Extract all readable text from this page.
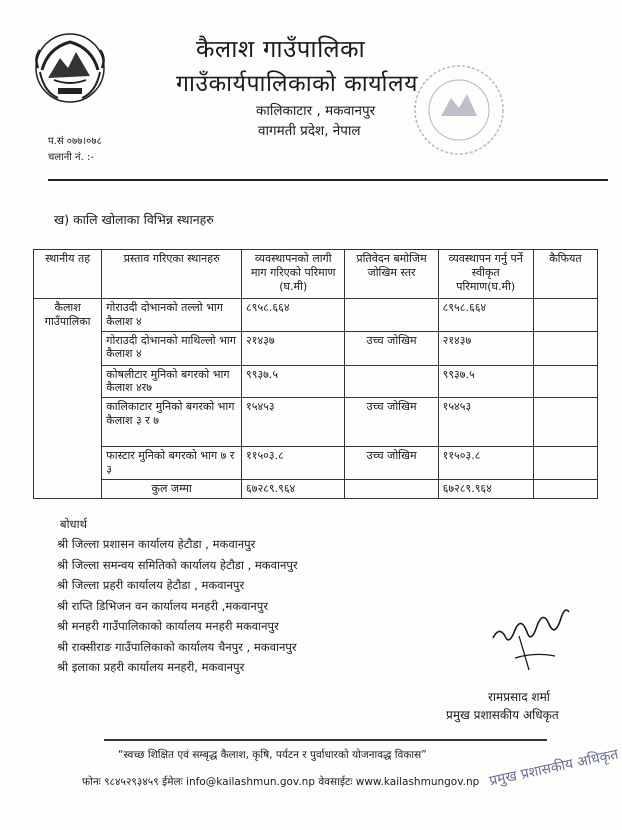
कैलाश गाउँपालिका
गाउँकार्यपालिकाको कार्यालय
कालिकाटार , मकवानपुर
वागमती प्रदेश, नेपाल
प.सं ०७७।०७८
चलानी नं. :-
ख) कालि खोलाका विभिन्न स्थानहरु
स्थानीय तह	प्रस्ताव गरिएका स्थानहरु	व्यवस्थापनको लागी माग गरिएको परिमाण (घ.मी)	प्रतिवेदन बमोजिम जोखिम स्तर	व्यवस्थापन गर्नु पर्ने स्वीकृत परिमाण(घ.मी)	कैफियत
कैलाश गाउँपालिका	गोराउदी दोभानको तल्लो भाग कैलाश ४	८९५८.६६४		८९५८.६६४	
	गोराउदी दोभानको माथिल्लो भाग कैलाश ४	२१४३७	उच्च जोखिम	२१४३७	
	कोषलीटार मुनिको बगरको भाग कैलाश ४र७	९९३७.५		९९३७.५	
	कालिकाटार मुनिको बगरको भाग कैलाश ३ र ७	१५४५३	उच्च जोखिम	१५४५३	
	फास्टार मुनिको बगरको भाग ७ र ३	११५०३.८	उच्च जोखिम	११५०३.८	
	कुल जम्मा	६७२८९.९६४		६७२८९.९६४	
बोधार्थ
श्री जिल्ला प्रशासन कार्यालय हेटौडा , मकवानपुर
श्री जिल्ला समन्वय समितिको कार्यालय हेटौडा , मकवानपुर
श्री जिल्ला प्रहरी कार्यालय हेटौडा , मकवानपुर
श्री राप्ति डिभिजन वन कार्यालय मनहरी ,मकवानपुर
श्री मनहरी गाउँपालिकाको कार्यालय मनहरी मकवानपुर
श्री राक्सीराङ गाउँपालिकाको कार्यालय चैनपुर , मकवानपुर
श्री इलाका प्रहरी कार्यालय मनहरी, मकवानपुर
रामप्रसाद शर्मा
प्रमुख प्रशासकीय अधिकृत
“स्वच्छ शिक्षित एवं सम्बृद्ध कैलाश, कृषि, पर्यटन र पुर्वाधारको योजनावद्ध विकास”
फोनः ९८४५२९३४५९ ईमेलः info@kailashmun.gov.np वेवसाईटः www.kailashmungov.np प्रमुख प्रशासकीय अधिकृत
